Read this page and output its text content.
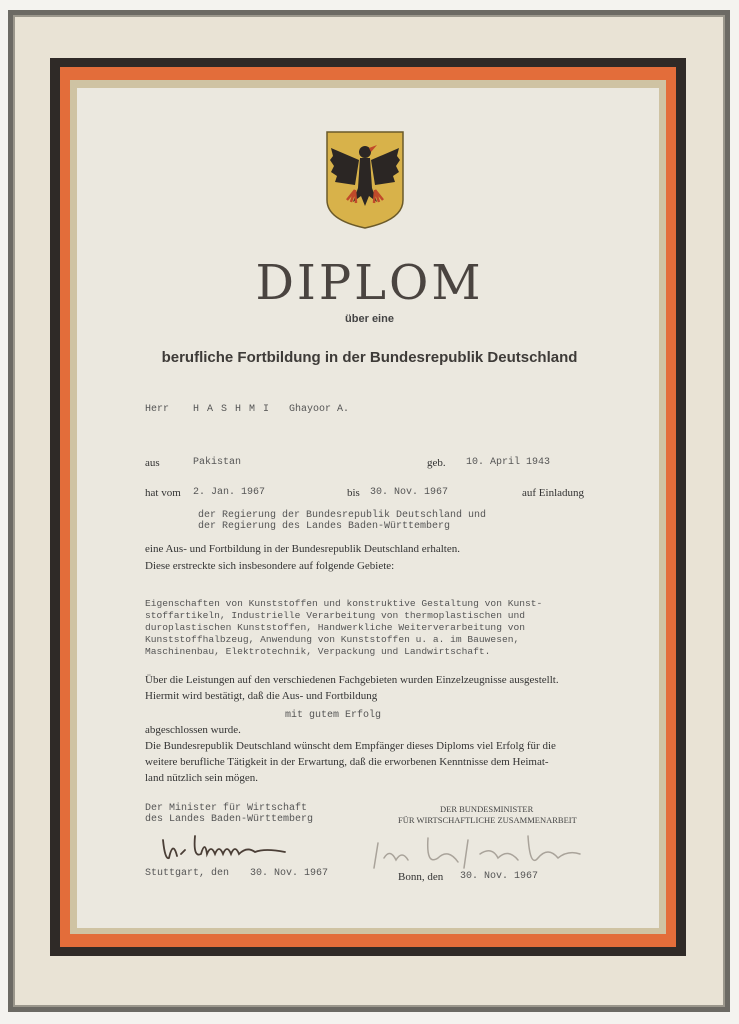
DIPLOM
über eine
berufliche Fortbildung in der Bundesrepublik Deutschland
Herr H A S H M I Ghayoor A.
aus	Pakistan	geb. 10. April 1943
hat vom 2. Jan. 1967	bis 30. Nov. 1967	auf Einladung
der Regierung der Bundesrepublik Deutschland und
der Regierung des Landes Baden-Württemberg
eine Aus- und Fortbildung in der Bundesrepublik Deutschland erhalten.
Diese erstreckte sich insbesondere auf folgende Gebiete:
Eigenschaften von Kunststoffen und konstruktive Gestaltung von Kunst-
stoffartikeln, Industrielle Verarbeitung von thermoplastischen und
duroplastischen Kunststoffen, Handwerkliche Weiterverarbeitung von
Kunststoffhalbzeug, Anwendung von Kunststoffen u. a. im Bauwesen,
Maschinenbau, Elektrotechnik, Verpackung und Landwirtschaft.
Über die Leistungen auf den verschiedenen Fachgebieten wurden Einzelzeugnisse ausgestellt.
Hiermit wird bestätigt, daß die Aus- und Fortbildung
mit gutem Erfolg
abgeschlossen wurde.
Die Bundesrepublik Deutschland wünscht dem Empfänger dieses Diploms viel Erfolg für die
weitere berufliche Tätigkeit in der Erwartung, daß die erworbenen Kenntnisse dem Heimat-
land nützlich sein mögen.
Der Minister für Wirtschaft
des Landes Baden-Württemberg
DER BUNDESMINISTER
FÜR WIRTSCHAFTLICHE ZUSAMMENARBEIT
Stuttgart, den 30. Nov. 1967	Bonn, den 30. Nov. 1967
